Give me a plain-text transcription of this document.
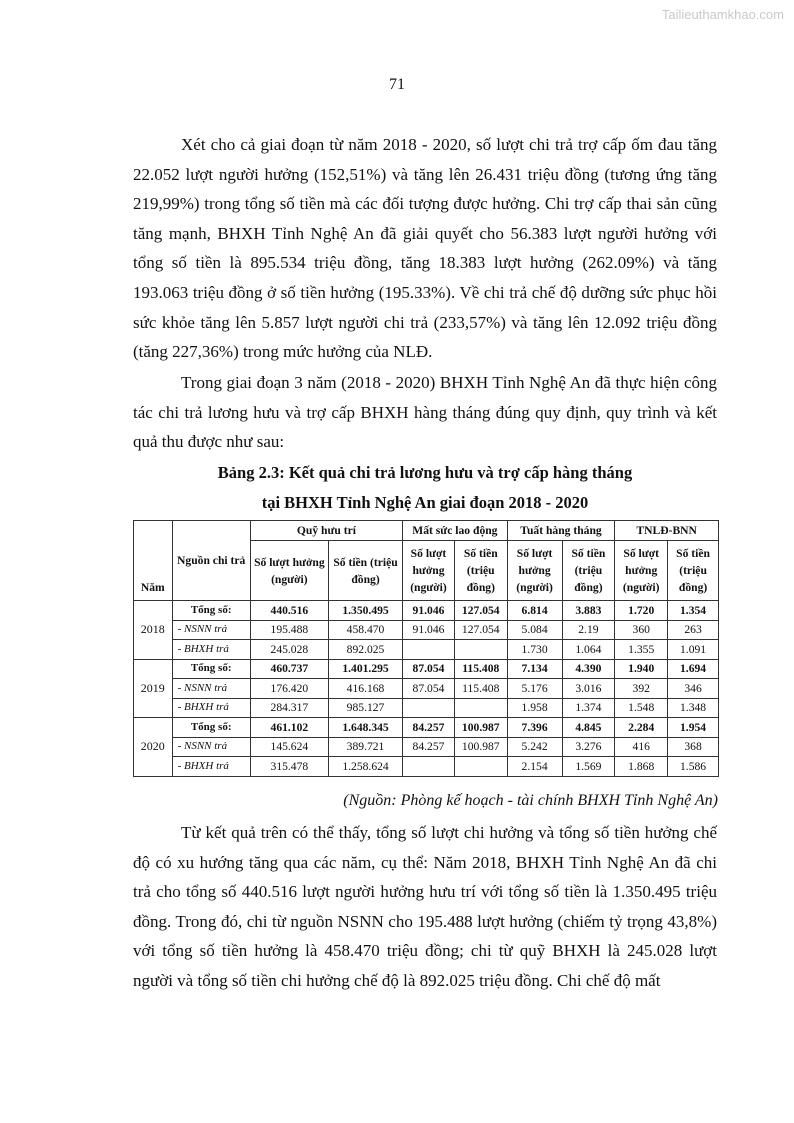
Tailieuthamkhao.com
71

Xét cho cả giai đoạn từ năm 2018 - 2020, số lượt chi trả trợ cấp ốm đau tăng 22.052 lượt người hưởng (152,51%) và tăng lên 26.431 triệu đồng (tương ứng tăng 219,99%) trong tổng số tiền mà các đối tượng được hưởng. Chi trợ cấp thai sản cũng tăng mạnh, BHXH Tỉnh Nghệ An đã giải quyết cho 56.383 lượt người hưởng với tổng số tiền là 895.534 triệu đồng, tăng 18.383 lượt hưởng (262.09%) và tăng 193.063 triệu đồng ở số tiền hưởng (195.33%). Về chi trả chế độ dưỡng sức phục hồi sức khỏe tăng lên 5.857 lượt người chi trả (233,57%) và tăng lên 12.092 triệu đồng (tăng 227,36%) trong mức hưởng của NLĐ.

Trong giai đoạn 3 năm (2018 - 2020) BHXH Tỉnh Nghệ An đã thực hiện công tác chi trả lương hưu và trợ cấp BHXH hàng tháng đúng quy định, quy trình và kết quả thu được như sau:

Bảng 2.3: Kết quả chi trả lương hưu và trợ cấp hàng tháng
tại BHXH Tỉnh Nghệ An giai đoạn 2018 - 2020
Năm	Nguồn chi trả	Quỹ hưu trí		Mất sức lao động		Tuất hàng tháng		TNLĐ-BNN	
		Số lượt hưởng (người)	Số tiền (triệu đồng)	Số lượt hưởng (người)	Số tiền (triệu đồng)	Số lượt hưởng (người)	Số tiền (triệu đồng)	Số lượt hưởng (người)	Số tiền (triệu đồng)
2018	Tổng số:	440.516	1.350.495	91.046	127.054	6.814	3.883	1.720	1.354
	- NSNN trả	195.488	458.470	91.046	127.054	5.084	2.19	360	263
	- BHXH trả	245.028	892.025			1.730	1.064	1.355	1.091
2019	Tổng số:	460.737	1.401.295	87.054	115.408	7.134	4.390	1.940	1.694
	- NSNN trả	176.420	416.168	87.054	115.408	5.176	3.016	392	346
	- BHXH trả	284.317	985.127			1.958	1.374	1.548	1.348
2020	Tổng số:	461.102	1.648.345	84.257	100.987	7.396	4.845	2.284	1.954
	- NSNN trả	145.624	389.721	84.257	100.987	5.242	3.276	416	368
	- BHXH trả	315.478	1.258.624			2.154	1.569	1.868	1.586
(Nguồn: Phòng kế hoạch - tài chính BHXH Tỉnh Nghệ An)

Từ kết quả trên có thể thấy, tổng số lượt chi hưởng và tổng số tiền hưởng chế độ có xu hướng tăng qua các năm, cụ thể: Năm 2018, BHXH Tỉnh Nghệ An đã chi trả cho tổng số 440.516 lượt người hưởng hưu trí với tổng số tiền là 1.350.495 triệu đồng. Trong đó, chi từ nguồn NSNN cho 195.488 lượt hưởng (chiếm tỷ trọng 43,8%) với tổng số tiền hưởng là 458.470 triệu đồng; chi từ quỹ BHXH là 245.028 lượt người và tổng số tiền chi hưởng chế độ là 892.025 triệu đồng. Chi chế độ mất
